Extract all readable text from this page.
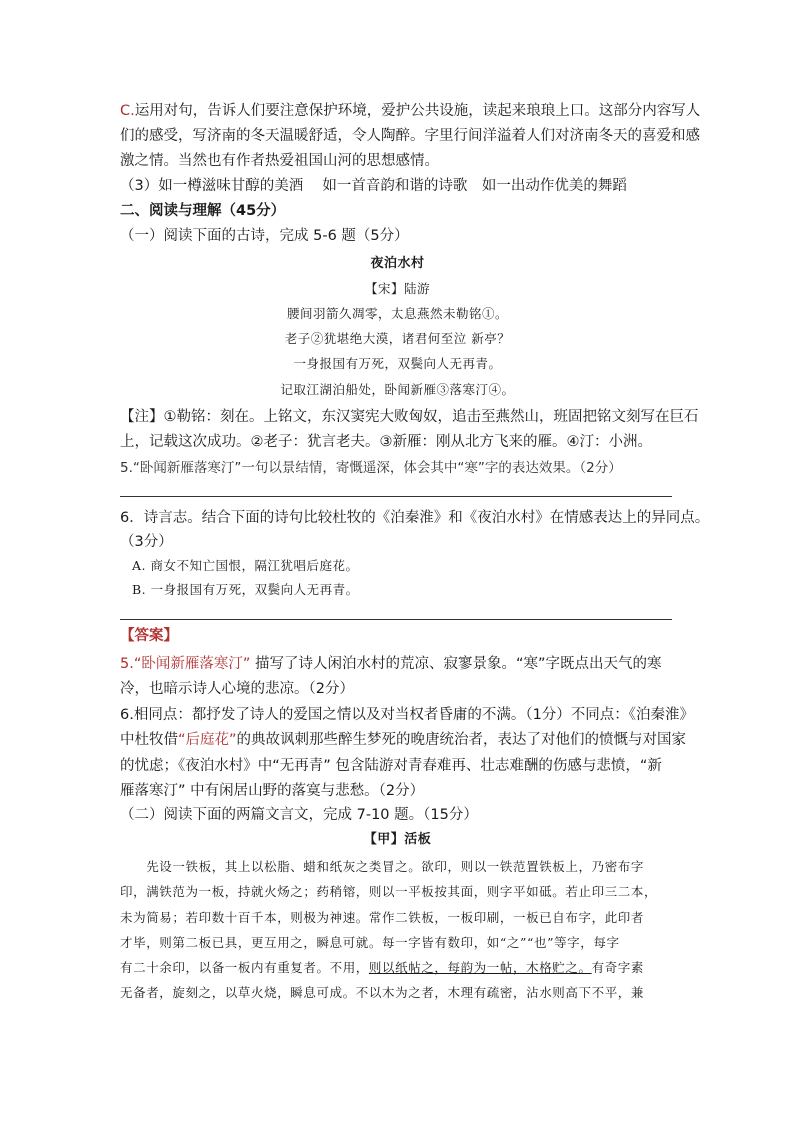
C.运用对句，告诉人们要注意保护环境，爱护公共设施，读起来琅琅上口。这部分内容写人
们的感受，写济南的冬天温暖舒适，令人陶醉。字里行间洋溢着人们对济南冬天的喜爱和感
激之情。当然也有作者热爱祖国山河的思想感情。
（3）如一樽滋味甘醇的美酒　 如一首音韵和谐的诗歌　如一出动作优美的舞蹈
二、阅读与理解（45分）
（一）阅读下面的古诗，完成 5-6 题（5分）
夜泊水村
【宋】陆游
腰间羽箭久凋零，太息燕然未勒铭①。
老子②犹堪绝大漠，诸君何至泣 新亭？
一身报国有万死，双鬓向人无再青。
记取江湖泊船处，卧闻新雁③落寒汀④。
【注】①勒铭：刻在。上铭文，东汉窦宪大败匈奴，追击至燕然山，班固把铭文刻写在巨石
上，记载这次成功。②老子：犹言老夫。③新雁：刚从北方飞来的雁。④汀：小洲。
5.“卧闻新雁落寒汀”一句以景结情，寄慨遥深，体会其中“寒”字的表达效果。（2分）
6．诗言志。结合下面的诗句比较杜牧的《泊秦淮》和《夜泊水村》在情感表达上的异同点。
（3分）
A. 商女不知亡国恨，隔江犹唱后庭花。
B. 一身报国有万死，双鬓向人无再青。
【答案】
5.“卧闻新雁落寒汀” 描写了诗人闲泊水村的荒凉、寂寥景象。“寒”字既点出天气的寒
冷，也暗示诗人心境的悲凉。（2分）
6.相同点：都抒发了诗人的爱国之情以及对当权者昏庸的不满。（1分）不同点：《泊秦淮》
中杜牧借“后庭花”的典故讽刺那些醉生梦死的晚唐统治者，表达了对他们的愤慨与对国家
的忧虑；《夜泊水村》中“无再青” 包含陆游对青春难再、壮志难酬的伤感与悲愤，“新
雁落寒汀” 中有闲居山野的落寞与悲愁。（2分）
（二）阅读下面的两篇文言文，完成 7-10 题。（15分）
【甲】活板
　　先设一铁板，其上以松脂、蜡和纸灰之类冒之。欲印，则以一铁范置铁板上，乃密布字
印，满铁范为一板，持就火炀之；药稍镕，则以一平板按其面，则字平如砥。若止印三二本，
未为简易；若印数十百千本，则极为神速。常作二铁板，一板印刷，一板已自布字，此印者
才毕，则第二板已具，更互用之，瞬息可就。每一字皆有数印，如“之”“也”等字，每字
有二十余印，以备一板内有重复者。不用，则以纸帖之，每韵为一帖，木格贮之。有奇字素
无备者，旋刻之，以草火烧，瞬息可成。不以木为之者，木理有疏密，沾水则高下不平，兼
